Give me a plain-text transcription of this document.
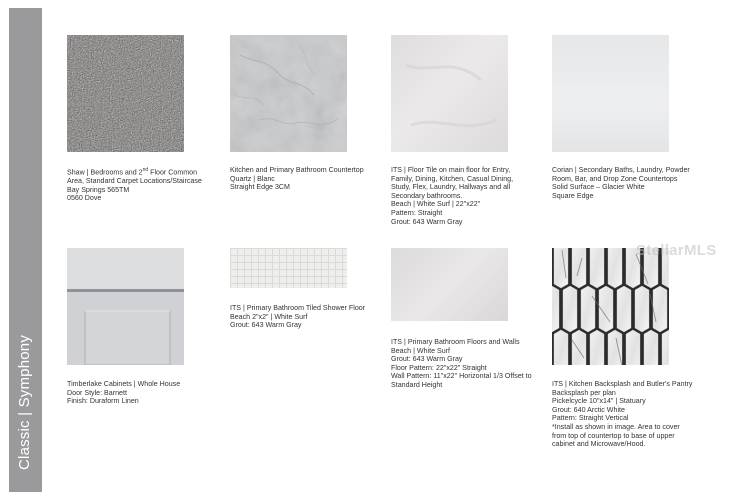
Classic | Symphony
Shaw | Bedrooms and 2nd Floor Common
Area, Standard Carpet Locations/Staircase
Bay Springs 565TM
0560 Dove
Kitchen and Primary Bathroom Countertop
Quartz | Blanc
Straight Edge 3CM
ITS | Floor Tile on main floor for Entry,
Family, Dining, Kitchen, Casual Dining,
Study, Flex, Laundry, Hallways and all
Secondary bathrooms.
Beach | White Surf | 22"x22"
Pattern: Straight
Grout: 643 Warm Gray
Corian | Secondary Baths, Laundry, Powder
Room, Bar, and Drop Zone Countertops
Solid Surface – Glacier White
Square Edge
Timberlake Cabinets | Whole House
Door Style: Barnett
Finish: Duraform Linen
ITS | Primary Bathroom Tiled Shower Floor
Beach 2"x2" | White Surf
Grout: 643 Warm Gray
ITS | Primary Bathroom Floors and Walls
Beach | White Surf
Grout: 643 Warm Gray
Floor Pattern: 22"x22" Straight
Wall Pattern: 11"x22" Horizontal 1/3 Offset to
Standard Height	ITS | Kitchen Backsplash and Butler's Pantry
Backsplash per plan
Pickelcycle 10"x14" | Statuary
Grout: 640 Arctic White
Pattern: Straight Vertical
*Install as shown in image. Area to cover
from top of countertop to base of upper
cabinet and Microwave/Hood.
StellarMLS
